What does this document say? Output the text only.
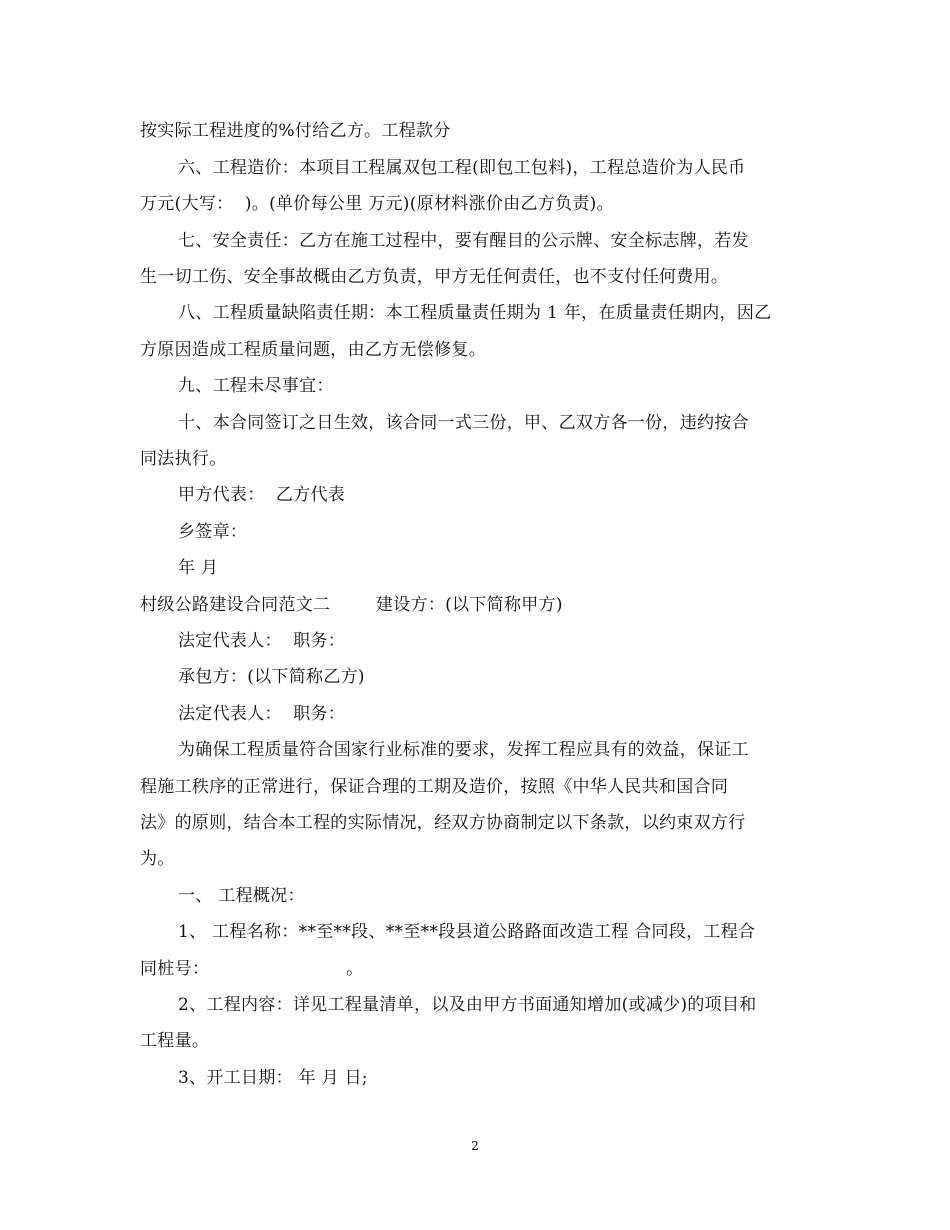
按实际工程进度的%付给乙方。工程款分
六、工程造价：本项目工程属双包工程(即包工包料)，工程总造价为人民币
万元(大写：  )。(单价每公里 万元)(原材料涨价由乙方负责)。
七、安全责任：乙方在施工过程中，要有醒目的公示牌、安全标志牌，若发
生一切工伤、安全事故概由乙方负责，甲方无任何责任，也不支付任何费用。
八、工程质量缺陷责任期：本工程质量责任期为 1 年，在质量责任期内，因乙
方原因造成工程质量问题，由乙方无偿修复。
九、工程未尽事宜：
十、本合同签订之日生效，该合同一式三份，甲、乙双方各一份，违约按合
同法执行。
甲方代表：  乙方代表
乡签章：
年 月
村级公路建设合同范文二        建设方：(以下简称甲方)
法定代表人：  职务：
承包方：(以下简称乙方)
法定代表人：  职务：
为确保工程质量符合国家行业标准的要求，发挥工程应具有的效益，保证工
程施工秩序的正常进行，保证合理的工期及造价，按照《中华人民共和国合同
法》的原则，结合本工程的实际情况，经双方协商制定以下条款，以约束双方行
为。
一、 工程概况：
1、 工程名称：**至**段、**至**段县道公路路面改造工程 合同段，工程合
同桩号：                        。
2、工程内容：详见工程量清单，以及由甲方书面通知增加(或减少)的项目和
工程量。
3、开工日期： 年 月 日;
2
